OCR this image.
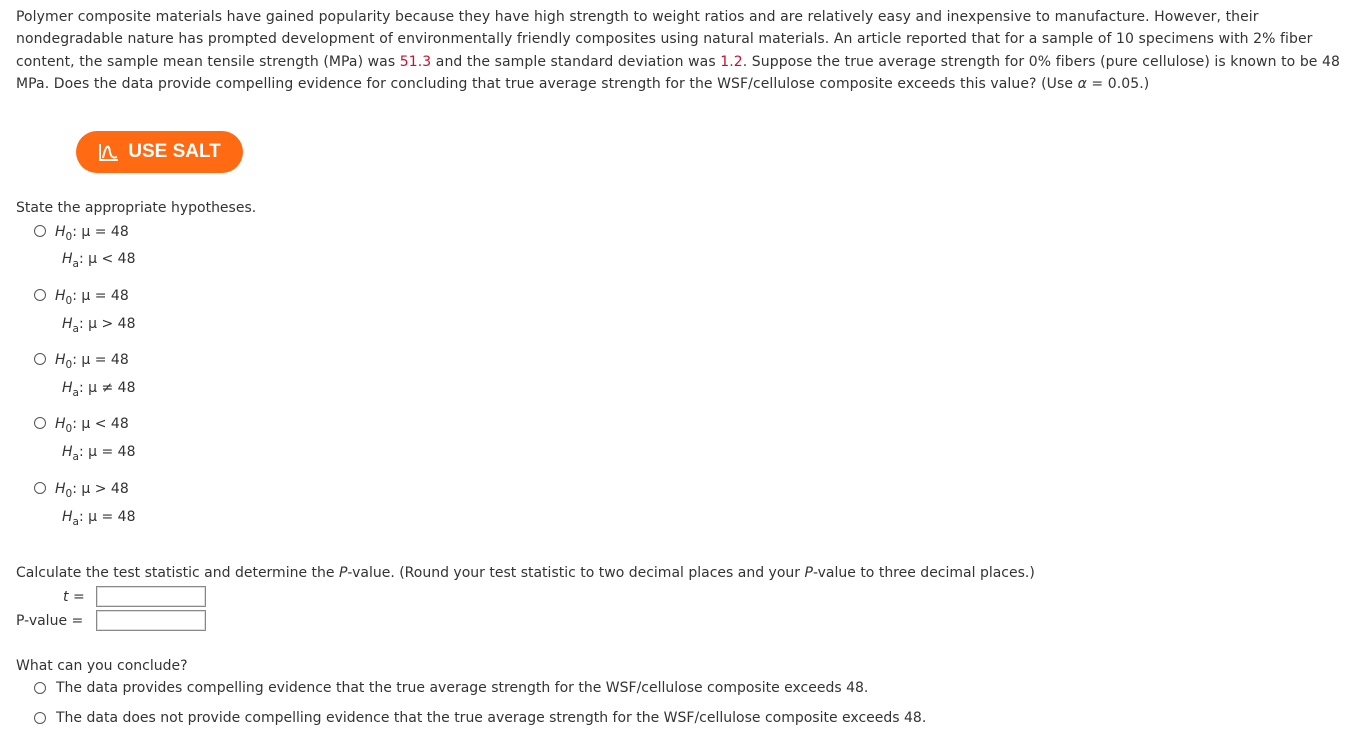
Polymer composite materials have gained popularity because they have high strength to weight ratios and are relatively easy and inexpensive to manufacture. However, their nondegradable nature has prompted development of environmentally friendly composites using natural materials. An article reported that for a sample of 10 specimens with 2% fiber content, the sample mean tensile strength (MPa) was 51.3 and the sample standard deviation was 1.2. Suppose the true average strength for 0% fibers (pure cellulose) is known to be 48 MPa. Does the data provide compelling evidence for concluding that true average strength for the WSF/cellulose composite exceeds this value? (Use α = 0.05.)
USE SALT
State the appropriate hypotheses.
$H_0$: μ = 48
$H_a$: μ < 48
$H_0$: μ = 48
$H_a$: μ > 48
$H_0$: μ = 48
$H_a$: μ ≠ 48
$H_0$: μ < 48
$H_a$: μ = 48
$H_0$: μ > 48
$H_a$: μ = 48
Calculate the test statistic and determine the P-value. (Round your test statistic to two decimal places and your P-value to three decimal places.)
t =
P-value =
What can you conclude?
The data provides compelling evidence that the true average strength for the WSF/cellulose composite exceeds 48.
The data does not provide compelling evidence that the true average strength for the WSF/cellulose composite exceeds 48.
